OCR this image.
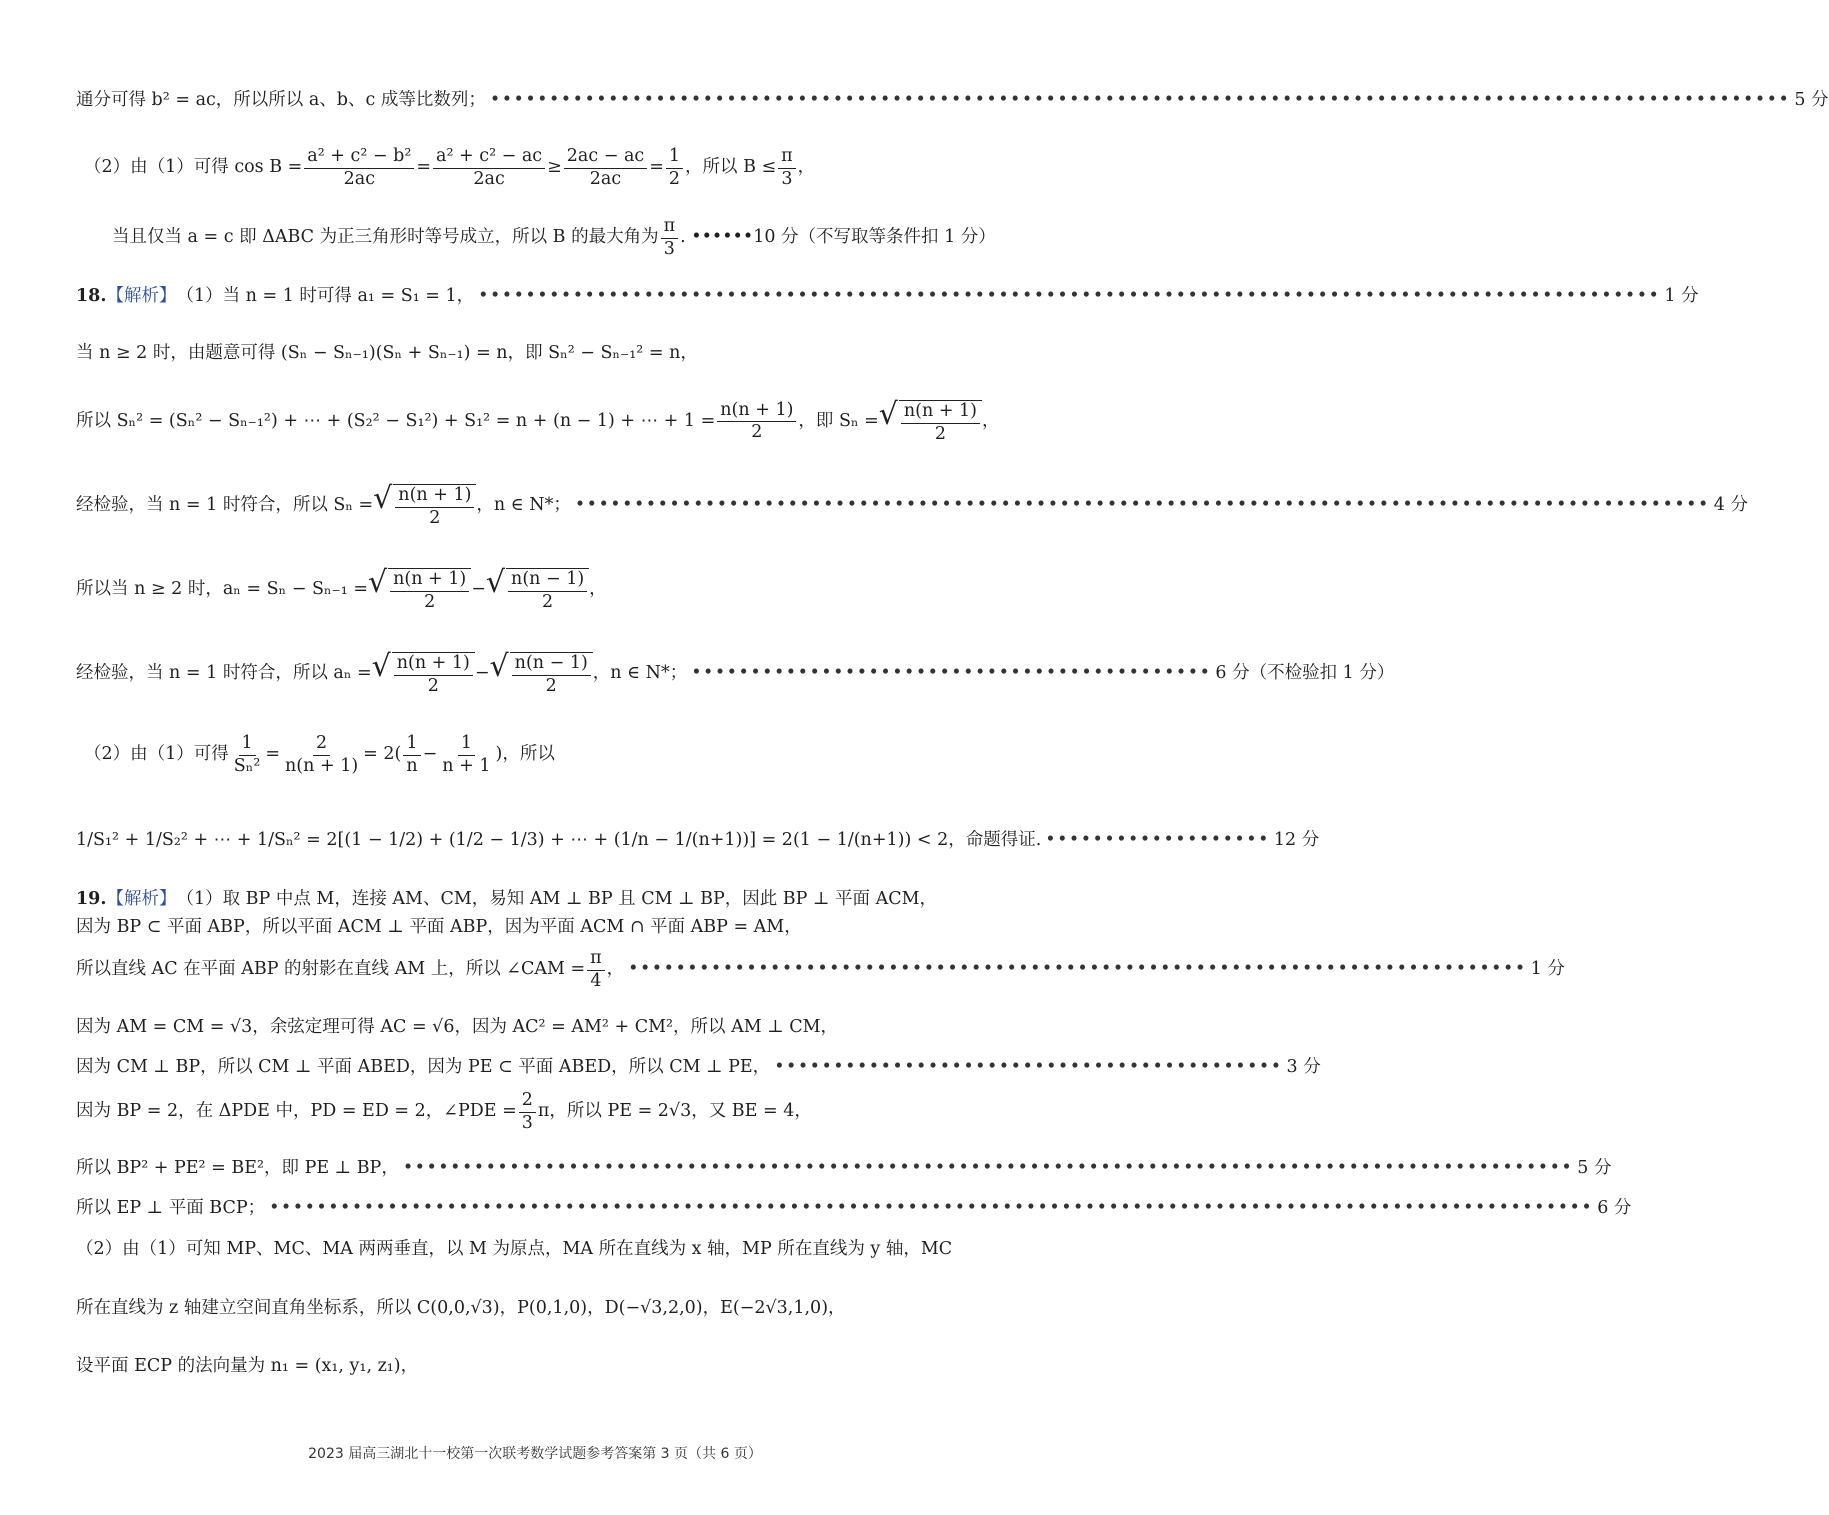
通分可得 b² = ac，所以所以 a、b、c 成等比数列； •••••••••••••••••••••••••••••••••••••••••••••••••••••••••••••••••••••••••••••••••••••••••••••••••••••••••••••• 5 分
（2）由（1）可得 $\cos B = \frac{\text{a² + c² − b²}}{2ac} = \frac{\text{a² + c² − ac}}{2ac} \ge \frac{2ac - ac}{2ac} = \frac{1}{2}$ ，所以 $B \le \frac{\pi}{3}$ ，
当且仅当 a = c 即 ΔABC 为正三角形时等号成立，所以 B 的最大角为 $\frac{\pi}{3}$ . •••••• 10 分（不写取等条件扣 1 分）
18. 【解析】 （1）当 n = 1 时可得 a₁ = S₁ = 1， •••••••••••••••••••••••••••••••••••••••••••••••••••••••••••••••••••••••••••••••••••••••••••••••••••• 1 分
当 n ≥ 2 时，由题意可得 (Sₙ − Sₙ₋₁)(Sₙ + Sₙ₋₁) = n，即 Sₙ² − Sₙ₋₁² = n，
所以 Sₙ² = (Sₙ² − Sₙ₋₁²) + ⋯ + (S₂² − S₁²) + S₁² = n + (n − 1) + ⋯ + $1 = \frac{n(n + 1)}{2}$ ，即 Sₙ = √ $\frac{n(n + 1)}{2}$ ，
经检验，当 n = 1 时符合，所以 Sₙ = √ $\frac{n(n + 1)}{2}$ ，n ∈ N*； •••••••••••••••••••••••••••••••••••••••••••••••••••••••••••••••••••••••••••••••••••••••••••••••• 4 分
所以当 n ≥ 2 时，aₙ = Sₙ − Sₙ₋₁ = √ $\frac{n(n + 1)}{2}$ − √ $\frac{n(n - 1)}{2}$ ，
经检验，当 n = 1 时符合，所以 aₙ = √ $\frac{n(n + 1)}{2}$ − √ $\frac{n(n - 1)}{2}$ ，n ∈ N*； •••••••••••••••••••••••••••••••••••••••••••• 6 分（不检验扣 1 分）
（2）由（1）可得 $\frac{1}{\text{Sₙ²}} = \frac{2}{n(n + 1)} = 2( \frac{1}{n} - \frac{1}{n + 1}$ )，所以
1/S₁² + 1/S₂² + ⋯ + 1/Sₙ² = 2[(1 − 1/2) + (1/2 − 1/3) + ⋯ + (1/n − 1/(n+1))] = 2(1 − 1/(n+1)) < 2，命题得证. ••••••••••••••••••• 12 分
19. 【解析】 （1）取 BP 中点 M，连接 AM、CM，易知 AM ⊥ BP 且 CM ⊥ BP，因此 BP ⊥ 平面 ACM，
因为 BP ⊂ 平面 ABP，所以平面 ACM ⊥ 平面 ABP，因为平面 ACM ∩ 平面 ABP = AM，
所以直线 AC 在平面 ABP 的射影在直线 AM 上，所以 ∠CAM = $\frac{\pi}{4}$ ， •••••••••••••••••••••••••••••••••••••••••••••••••••••••••••••••••••••••••••• 1 分
因为 AM = CM = √3，余弦定理可得 AC = √6，因为 AC² = AM² + CM²，所以 AM ⊥ CM，
因为 CM ⊥ BP，所以 CM ⊥ 平面 ABED，因为 PE ⊂ 平面 ABED，所以 CM ⊥ PE， ••••••••••••••••••••••••••••••••••••••••••• 3 分
因为 BP = 2，在 ΔPDE 中，PD = ED = 2，∠PDE = $\frac{2}{3}$ π，所以 PE = 2√3，又 BE = 4，
所以 BP² + PE² = BE²，即 PE ⊥ BP， ••••••••••••••••••••••••••••••••••••••••••••••••••••••••••••••••••••••••••••••••••••••••••••••••••• 5 分
所以 EP ⊥ 平面 BCP； •••••••••••••••••••••••••••••••••••••••••••••••••••••••••••••••••••••••••••••••••••••••••••••••••••••••••••••••• 6 分
（2）由（1）可知 MP、MC、MA 两两垂直，以 M 为原点，MA 所在直线为 x 轴，MP 所在直线为 y 轴，MC
所在直线为 z 轴建立空间直角坐标系，所以 C(0,0,√3)，P(0,1,0)，D(−√3,2,0)，E(−2√3,1,0)，
设平面 ECP 的法向量为 n₁ = (x₁, y₁, z₁)，
2023 届高三湖北十一校第一次联考数学试题参考答案第 3 页（共 6 页）
